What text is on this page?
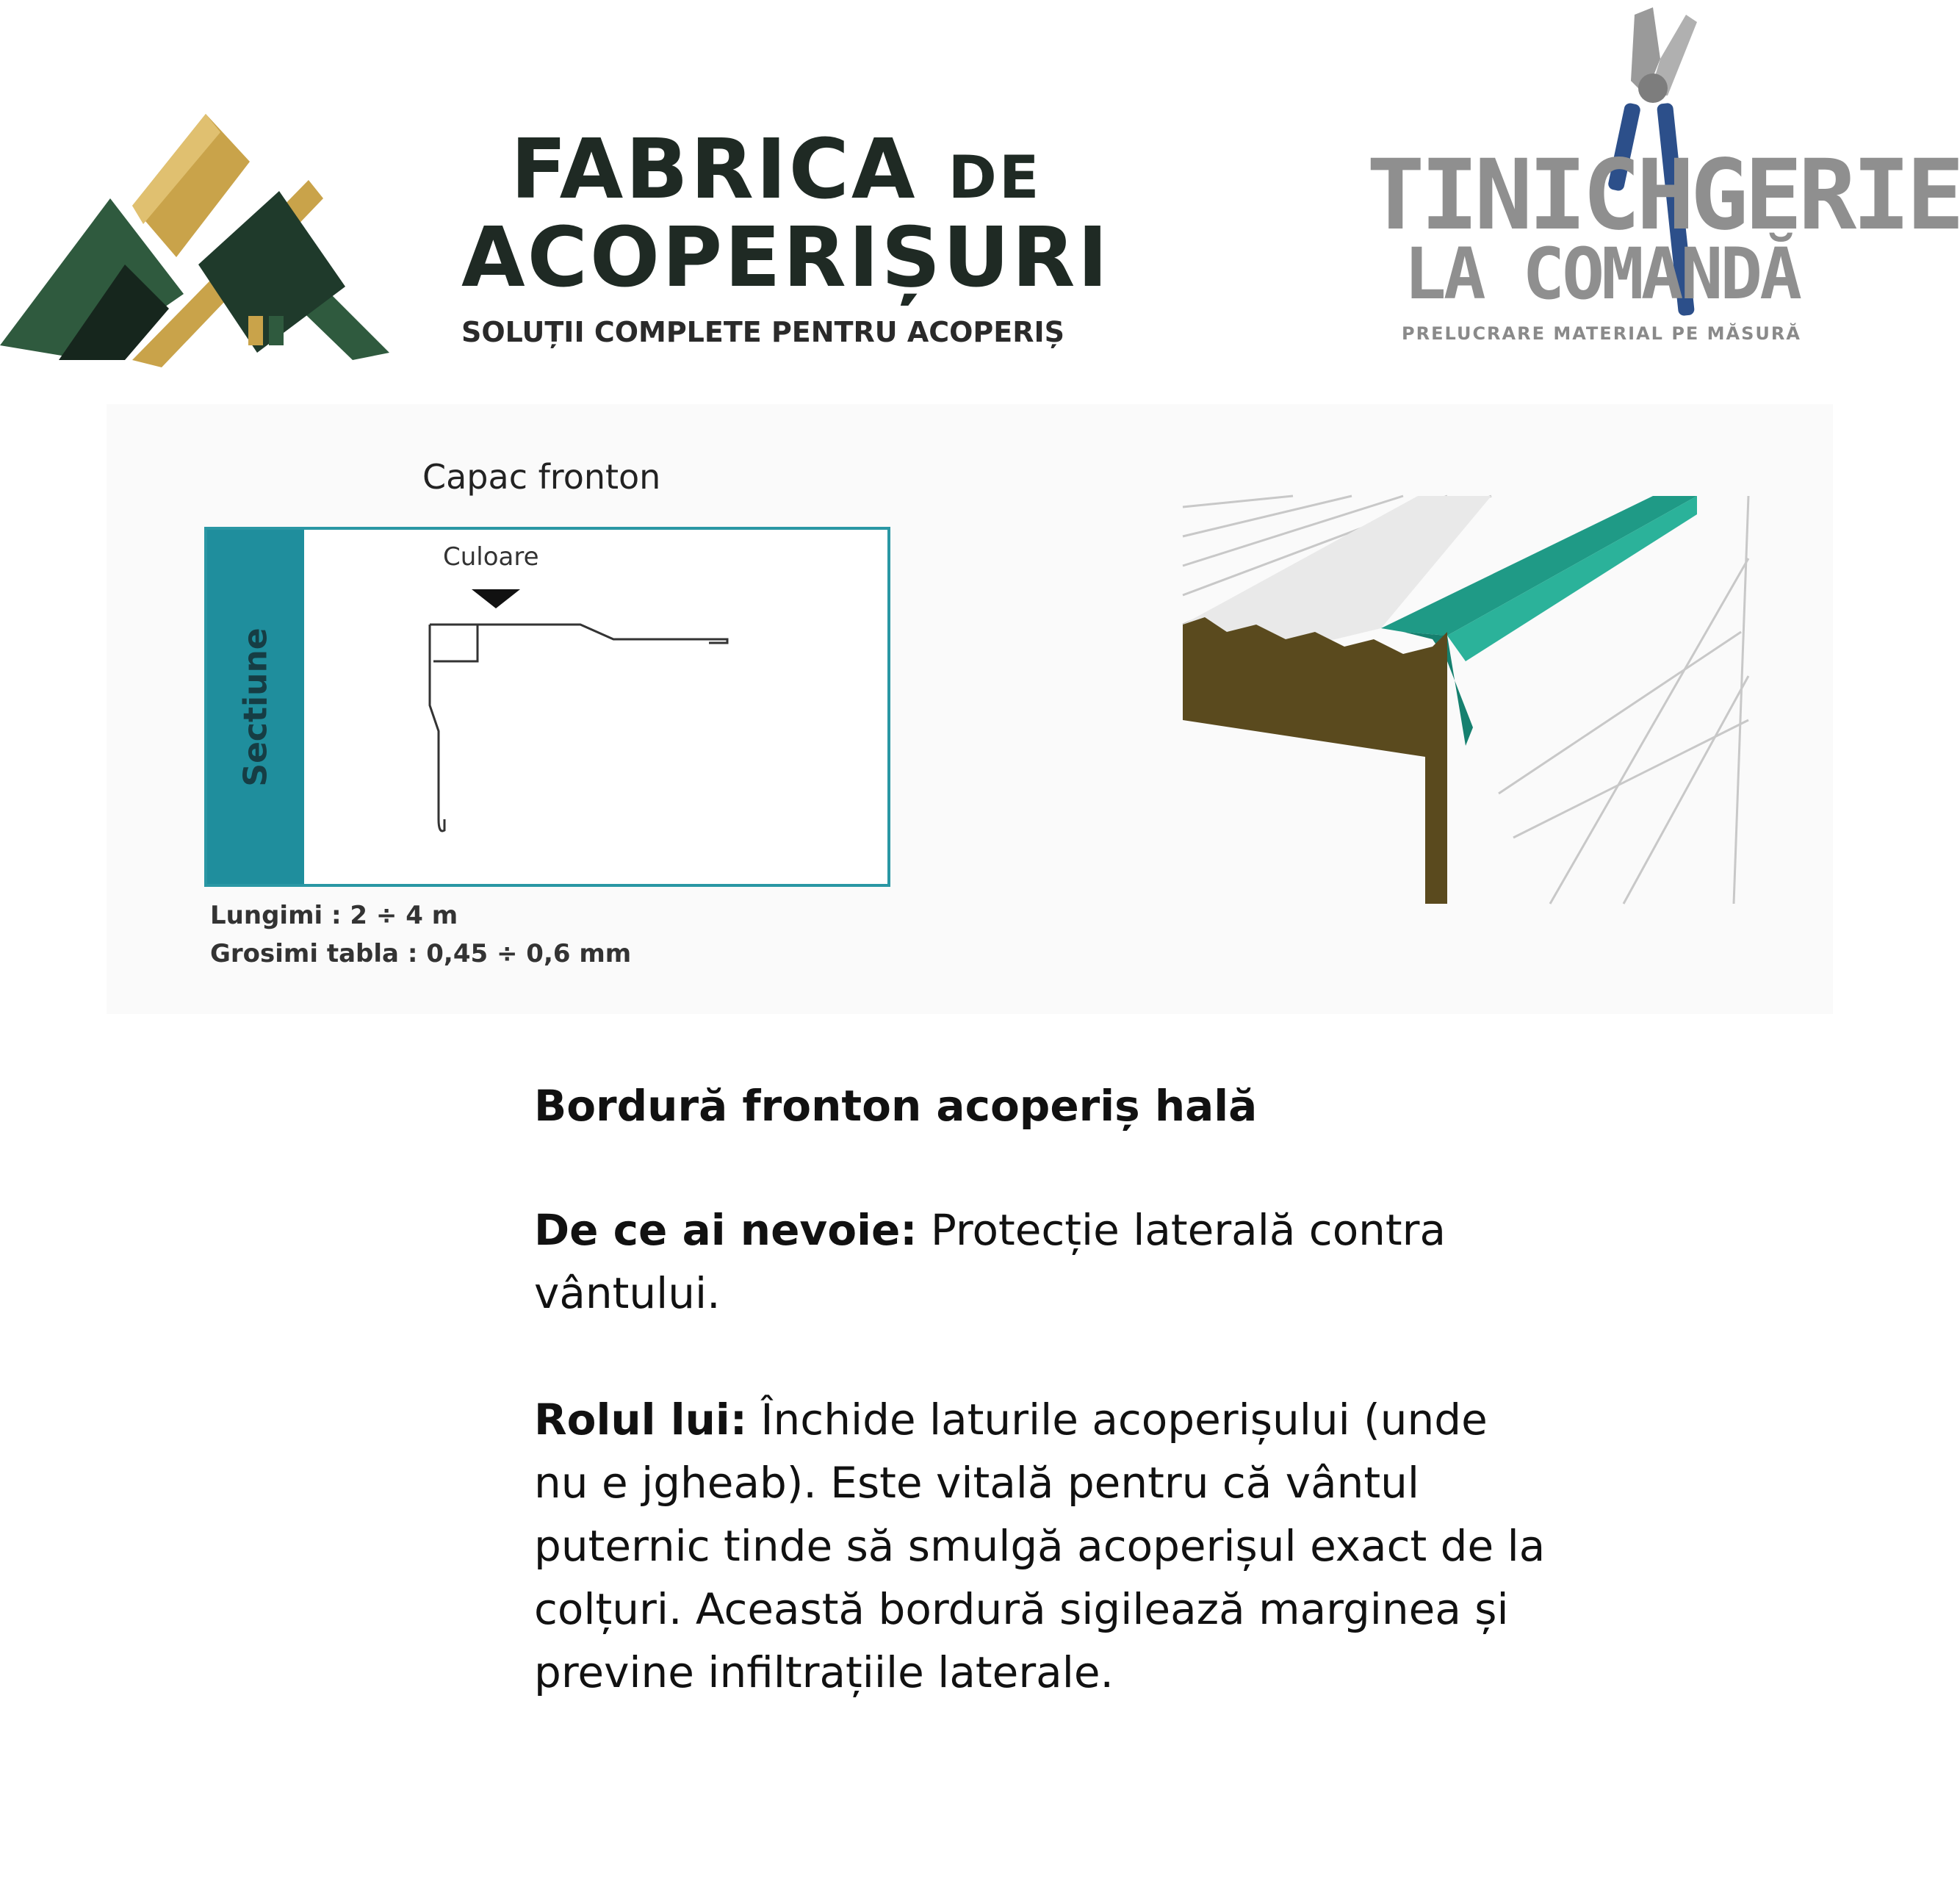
FABRICA DE
ACOPERIȘURI
SOLUȚII COMPLETE PENTRU ACOPERIȘ
TINICHGERIE
LA COMANDĂ
PRELUCRARE MATERIAL PE MĂSURĂ
Capac fronton
Sectiune
Culoare
Lungimi : 2 ÷ 4 m
Grosimi tabla : 0,45 ÷ 0,6 mm
Bordură fronton acoperiș hală

De ce ai nevoie: Protecție laterală contra vântului.

Rolul lui: Închide laturile acoperișului (unde nu e jgheab). Este vitală pentru că vântul puternic tinde să smulgă acoperișul exact de la colțuri. Această bordură sigilează marginea și previne infiltrațiile laterale.
